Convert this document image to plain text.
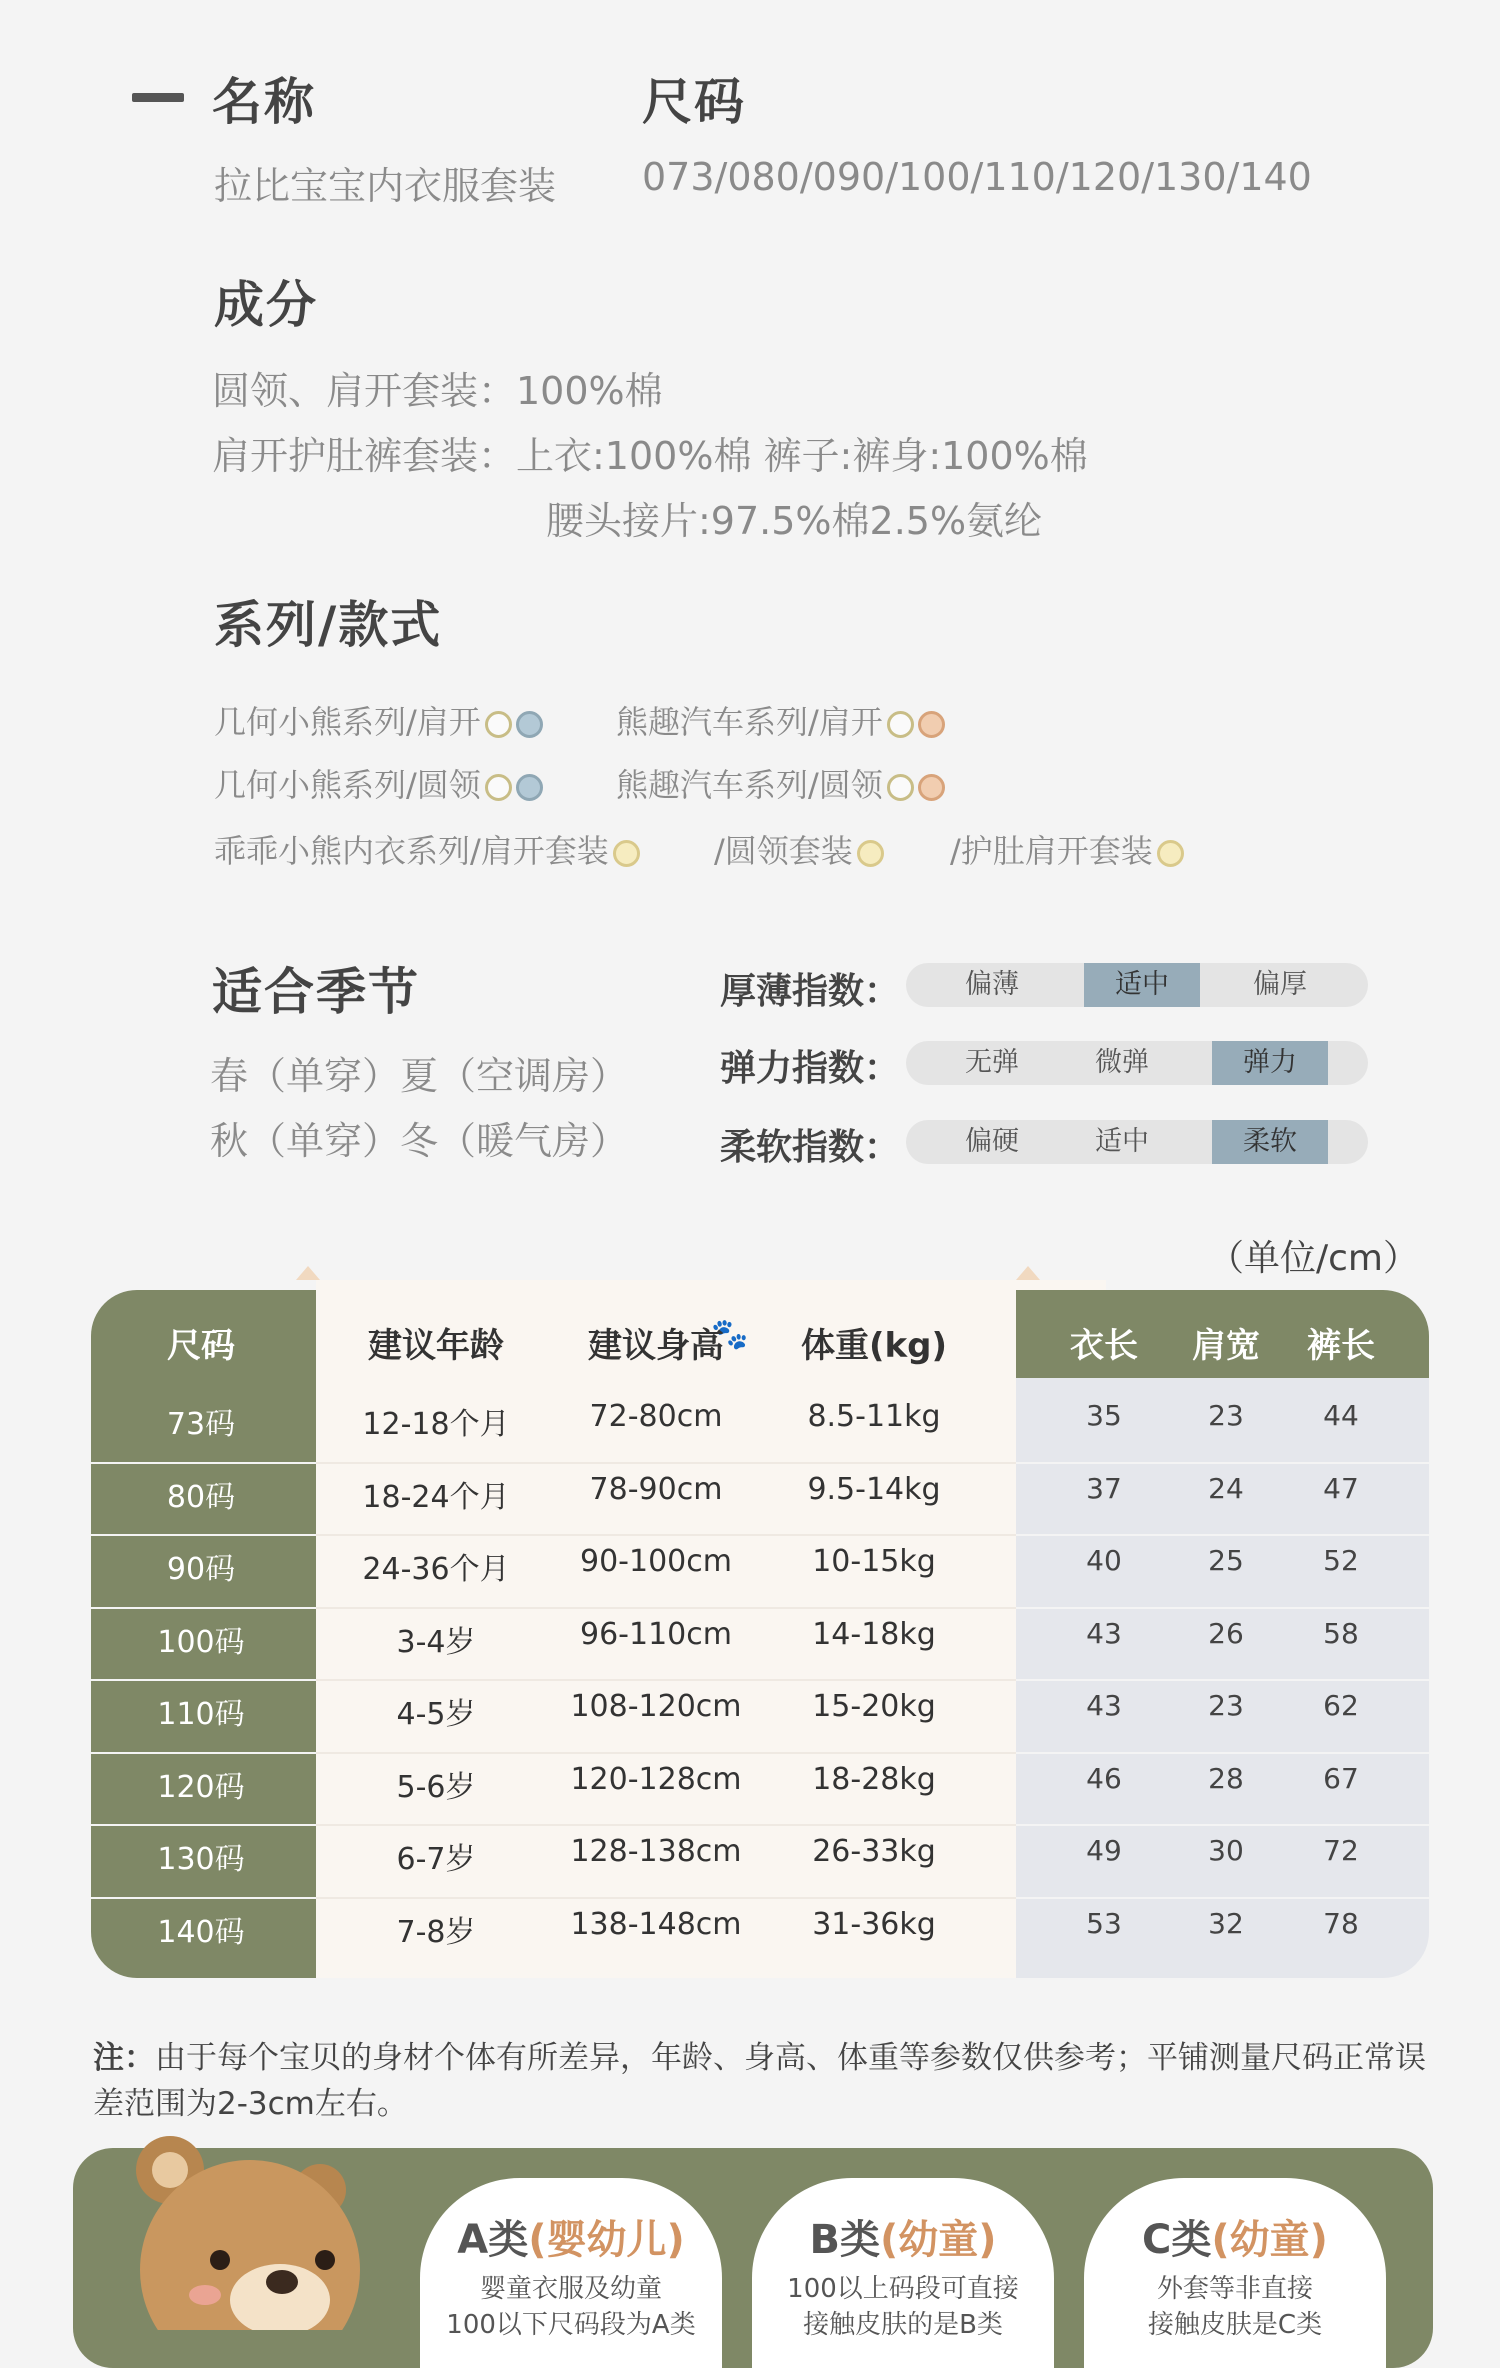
名称	尺码
拉比宝宝内衣服套装 073/080/090/100/110/120/130/140
成分
圆领、肩开套装：100%棉
肩开护肚裤套装：上衣:100%棉 裤子:裤身:100%棉
腰头接片:97.5%棉2.5%氨纶
系列/款式
几何小熊系列/肩开	熊趣汽车系列/肩开
几何小熊系列/圆领	熊趣汽车系列/圆领
乖乖小熊内衣系列/肩开套装	/圆领套装	/护肚肩开套装
适合季节
春（单穿）夏（空调房）
秋（单穿）冬（暖气房）
厚薄指数：	偏薄	适中	偏厚
弹力指数：	无弹	微弹	弹力
柔软指数：	偏硬	适中	柔软
（单位/cm）
🐾
尺码	建议年龄 建议身高 体重(kg)	衣长 肩宽 裤长
73码	12-18个月	72-80cm	8.5-11kg	35	23	44
80码	18-24个月	78-90cm	9.5-14kg	37	24	47
90码	24-36个月 90-100cm	10-15kg	40	25	52
100码	3-4岁	96-110cm	14-18kg	43	26	58
110码	4-5岁	108-120cm 15-20kg	43	23	62
120码	5-6岁	120-128cm 18-28kg	46	28	67
130码	6-7岁	128-138cm 26-33kg	49	30	72
140码	7-8岁	138-148cm 31-36kg	53	32	78
注：由于每个宝贝的身材个体有所差异，年龄、身高、体重等参数仅供参考；平铺测量尺码正常误差范围为2-3cm左右。
A类(婴幼儿)
婴童衣服及幼童
100以下尺码段为A类
B类(幼童)
100以上码段可直接
接触皮肤的是B类
C类(幼童)
外套等非直接
接触皮肤是C类
